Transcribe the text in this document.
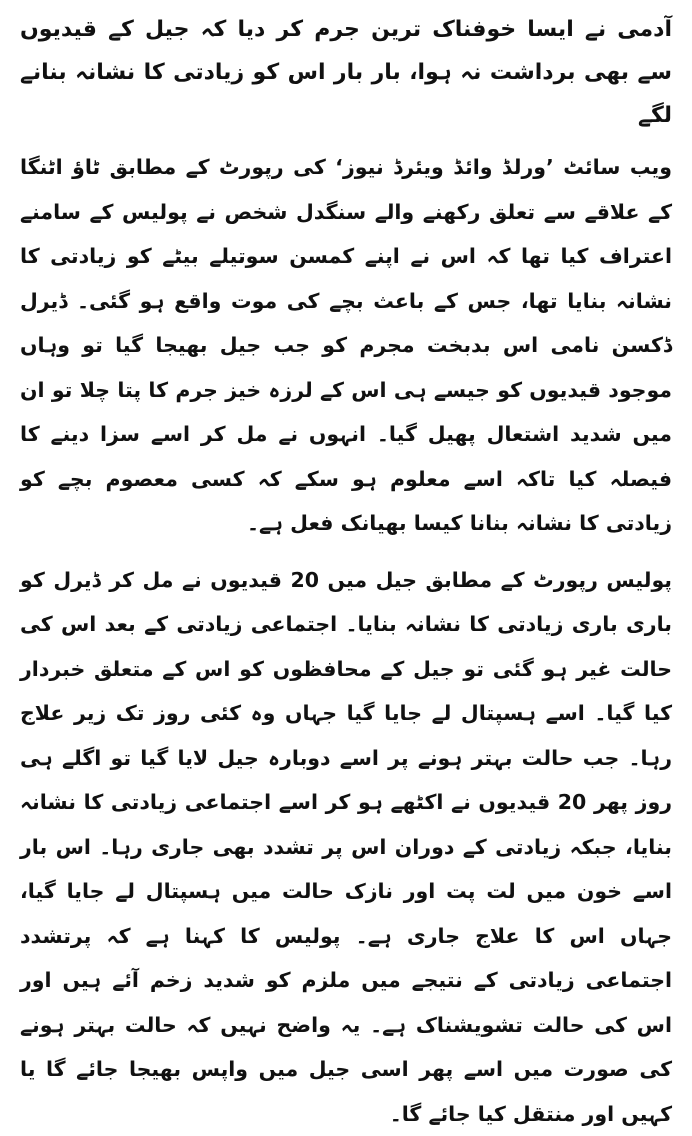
آدمی نے ایسا خوفناک ترین جرم کر دیا کہ جیل کے قیدیوں سے بھی برداشت نہ ہوا، بار بار اس کو زیادتی کا نشانہ بنانے لگے

ویب سائٹ ’ورلڈ وائڈ ویئرڈ نیوز‘ کی رپورٹ کے مطابق ٹاؤ اٹنگا کے علاقے سے تعلق رکھنے والے سنگدل شخص نے پولیس کے سامنے اعتراف کیا تھا کہ اس نے اپنے کمسن سوتیلے بیٹے کو زیادتی کا نشانہ بنایا تھا، جس کے باعث بچے کی موت واقع ہو گئی۔ ڈیرل ڈکسن نامی اس بدبخت مجرم کو جب جیل بھیجا گیا تو وہاں موجود قیدیوں کو جیسے ہی اس کے لرزہ خیز جرم کا پتا چلا تو ان میں شدید اشتعال پھیل گیا۔ انہوں نے مل کر اسے سزا دینے کا فیصلہ کیا تاکہ اسے معلوم ہو سکے کہ کسی معصوم بچے کو زیادتی کا نشانہ بنانا کیسا بھیانک فعل ہے۔

پولیس رپورٹ کے مطابق جیل میں 20 قیدیوں نے مل کر ڈیرل کو باری باری زیادتی کا نشانہ بنایا۔ اجتماعی زیادتی کے بعد اس کی حالت غیر ہو گئی تو جیل کے محافظوں کو اس کے متعلق خبردار کیا گیا۔ اسے ہسپتال لے جایا گیا جہاں وہ کئی روز تک زیر علاج رہا۔ جب حالت بہتر ہونے پر اسے دوبارہ جیل لایا گیا تو اگلے ہی روز پھر 20 قیدیوں نے اکٹھے ہو کر اسے اجتماعی زیادتی کا نشانہ بنایا، جبکہ زیادتی کے دوران اس پر تشدد بھی جاری رہا۔ اس بار اسے خون میں لت پت اور نازک حالت میں ہسپتال لے جایا گیا، جہاں اس کا علاج جاری ہے۔ پولیس کا کہنا ہے کہ پرتشدد اجتماعی زیادتی کے نتیجے میں ملزم کو شدید زخم آئے ہیں اور اس کی حالت تشویشناک ہے۔ یہ واضح نہیں کہ حالت بہتر ہونے کی صورت میں اسے پھر اسی جیل میں واپس بھیجا جائے گا یا کہیں اور منتقل کیا جائے گا۔
